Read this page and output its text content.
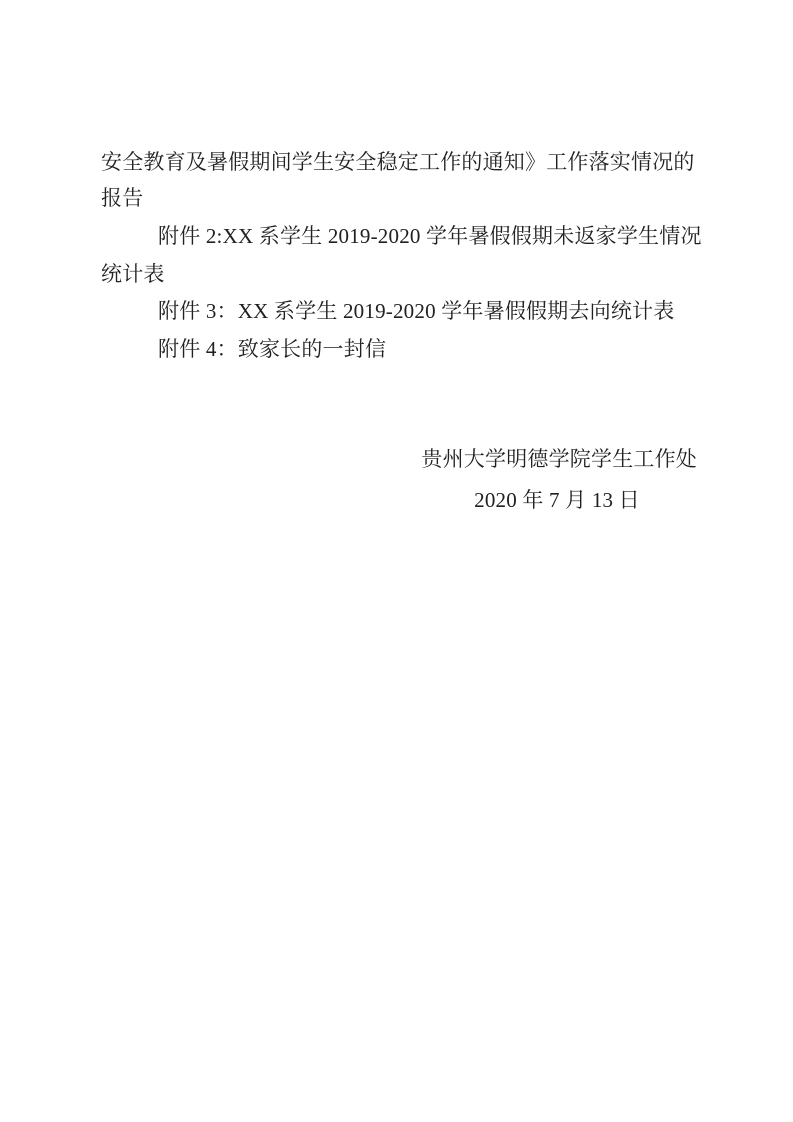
安全教育及暑假期间学生安全稳定工作的通知》工作落实情况的
报告
附件 2:XX 系学生 2019-2020 学年暑假假期未返家学生情况
统计表
附件 3：XX 系学生 2019-2020 学年暑假假期去向统计表
附件 4：致家长的一封信
贵州大学明德学院学生工作处
2020 年 7 月 13 日
